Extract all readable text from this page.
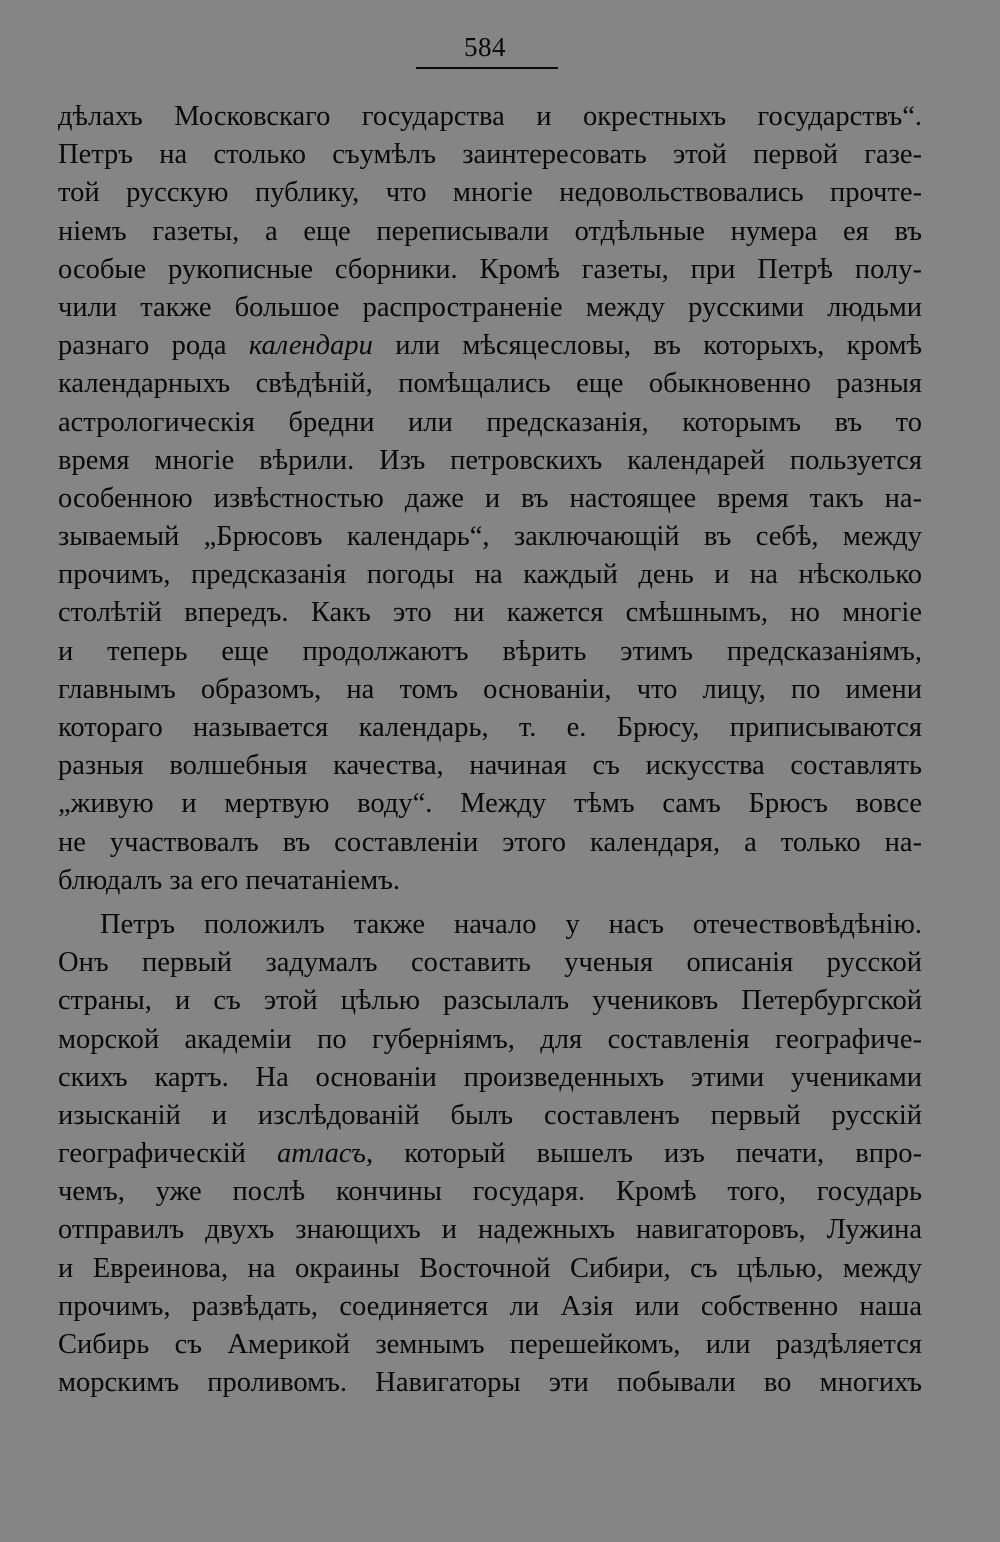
584
дѣлахъ Московскаго государства и окрестныхъ государствъ“.
Петръ на столько съумѣлъ заинтересовать этой первой газе-
той русскую публику, что многіе недовольствовались прочте-
ніемъ газеты, а еще переписывали отдѣльные нумера ея въ
особые рукописные сборники. Кромѣ газеты, при Петрѣ полу-
чили также большое распространеніе между русскими людьми
разнаго рода календари или мѣсяцесловы, въ которыхъ, кромѣ
календарныхъ свѣдѣній, помѣщались еще обыкновенно разныя
астрологическія бредни или предсказанія, которымъ въ то
время многіе вѣрили. Изъ петровскихъ календарей пользуется
особенною извѣстностью даже и въ настоящее время такъ на-
зываемый „Брюсовъ календарь“, заключающій въ себѣ, между
прочимъ, предсказанія погоды на каждый день и на нѣсколько
столѣтій впередъ. Какъ это ни кажется смѣшнымъ, но многіе
и теперь еще продолжаютъ вѣрить этимъ предсказаніямъ,
главнымъ образомъ, на томъ основаніи, что лицу, по имени
котораго называется календарь, т. е. Брюсу, приписываются
разныя волшебныя качества, начиная съ искусства составлять
„живую и мертвую воду“. Между тѣмъ самъ Брюсъ вовсе
не участвовалъ въ составленіи этого календаря, а только на-
блюдалъ за его печатаніемъ.
Петръ положилъ также начало у насъ отечествовѣдѣнію.
Онъ первый задумалъ составить ученыя описанія русской
страны, и съ этой цѣлью разсылалъ учениковъ Петербургской
морской академіи по губерніямъ, для составленія географиче-
скихъ картъ. На основаніи произведенныхъ этими учениками
изысканій и изслѣдованій былъ составленъ первый русскій
географическій атласъ, который вышелъ изъ печати, впро-
чемъ, уже послѣ кончины государя. Кромѣ того, государь
отправилъ двухъ знающихъ и надежныхъ навигаторовъ, Лужина
и Евреинова, на окраины Восточной Сибири, съ цѣлью, между
прочимъ, развѣдать, соединяется ли Азія или собственно наша
Сибирь съ Америкой земнымъ перешейкомъ, или раздѣляется
морскимъ проливомъ. Навигаторы эти побывали во многихъ
